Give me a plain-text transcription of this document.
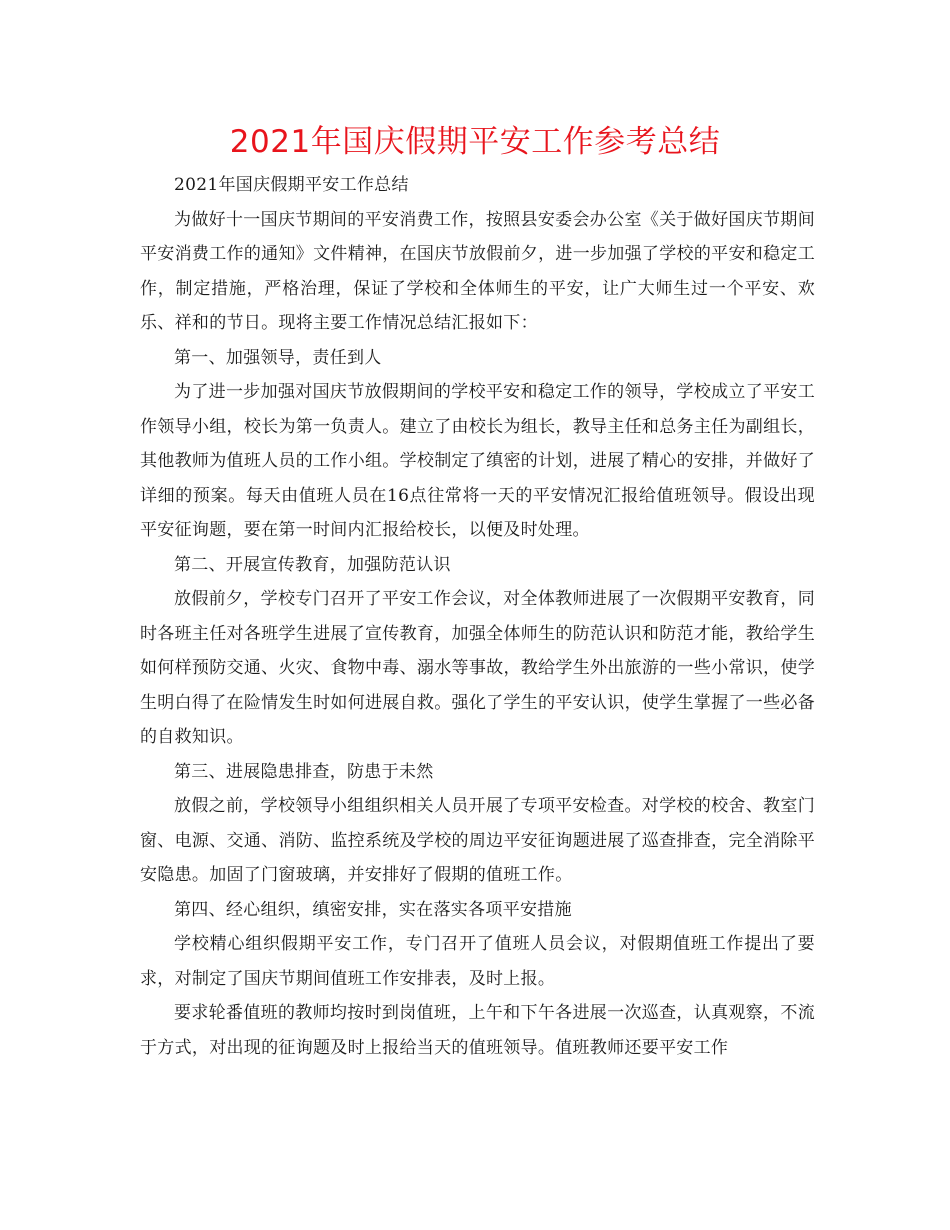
2021年国庆假期平安工作参考总结

2021年国庆假期平安工作总结

为做好十一国庆节期间的平安消费工作，按照县安委会办公室《关于做好国庆节期间平安消费工作的通知》文件精神，在国庆节放假前夕，进一步加强了学校的平安和稳定工作，制定措施，严格治理，保证了学校和全体师生的平安，让广大师生过一个平安、欢乐、祥和的节日。现将主要工作情况总结汇报如下：

第一、加强领导，责任到人

为了进一步加强对国庆节放假期间的学校平安和稳定工作的领导，学校成立了平安工作领导小组，校长为第一负责人。建立了由校长为组长，教导主任和总务主任为副组长，其他教师为值班人员的工作小组。学校制定了缜密的计划，进展了精心的安排，并做好了详细的预案。每天由值班人员在16点往常将一天的平安情况汇报给值班领导。假设出现平安征询题，要在第一时间内汇报给校长，以便及时处理。

第二、开展宣传教育，加强防范认识

放假前夕，学校专门召开了平安工作会议，对全体教师进展了一次假期平安教育，同时各班主任对各班学生进展了宣传教育，加强全体师生的防范认识和防范才能，教给学生如何样预防交通、火灾、食物中毒、溺水等事故，教给学生外出旅游的一些小常识，使学生明白得了在险情发生时如何进展自救。强化了学生的平安认识，使学生掌握了一些必备的自救知识。

第三、进展隐患排查，防患于未然

放假之前，学校领导小组组织相关人员开展了专项平安检查。对学校的校舍、教室门窗、电源、交通、消防、监控系统及学校的周边平安征询题进展了巡查排查，完全消除平安隐患。加固了门窗玻璃，并安排好了假期的值班工作。

第四、经心组织，缜密安排，实在落实各项平安措施

学校精心组织假期平安工作，专门召开了值班人员会议，对假期值班工作提出了要求，对制定了国庆节期间值班工作安排表，及时上报。

要求轮番值班的教师均按时到岗值班，上午和下午各进展一次巡查，认真观察，不流于方式，对出现的征询题及时上报给当天的值班领导。值班教师还要平安工作
